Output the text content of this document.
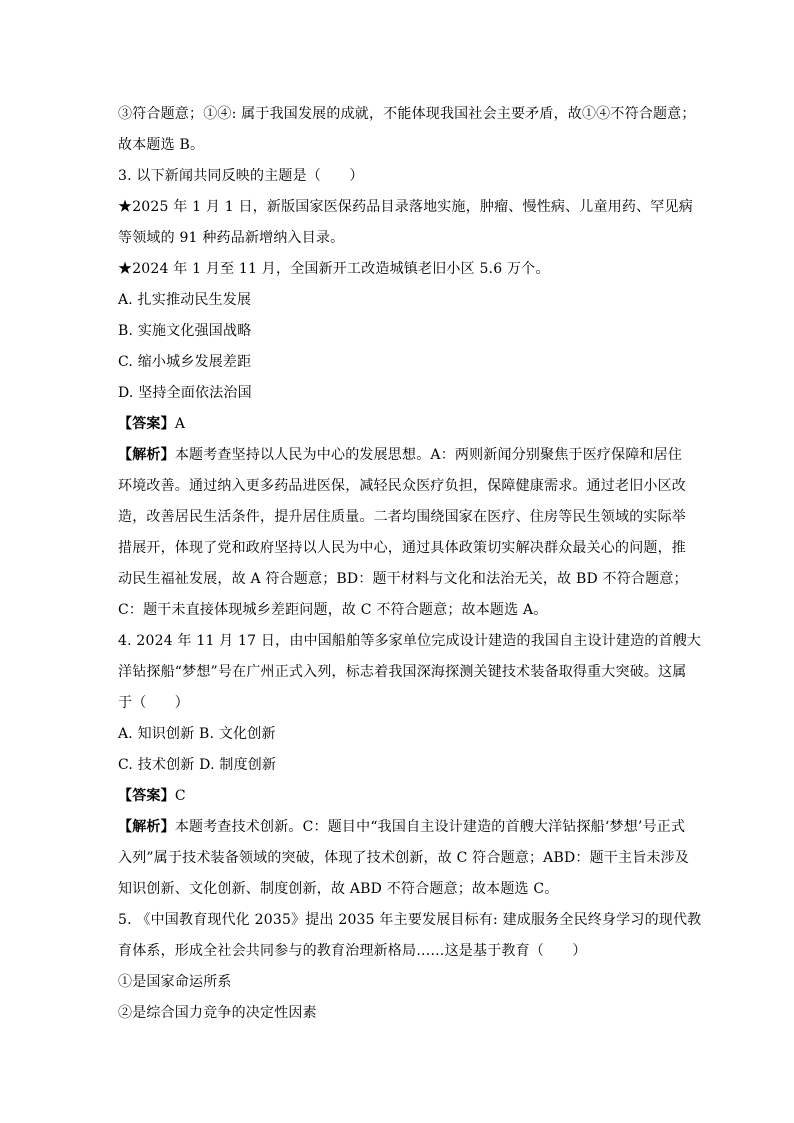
③符合题意；①④: 属于我国发展的成就，不能体现我国社会主要矛盾，故①④不符合题意；
故本题选 B。
3. 以下新闻共同反映的主题是（　　）
★2025 年 1 月 1 日，新版国家医保药品目录落地实施，肿瘤、慢性病、儿童用药、罕见病
等领域的 91 种药品新增纳入目录。
★2024 年 1 月至 11 月，全国新开工改造城镇老旧小区 5.6 万个。
A. 扎实推动民生发展
B. 实施文化强国战略
C. 缩小城乡发展差距
D. 坚持全面依法治国
【答案】A
【解析】本题考查坚持以人民为中心的发展思想。A：两则新闻分别聚焦于医疗保障和居住
环境改善。通过纳入更多药品进医保，减轻民众医疗负担，保障健康需求。通过老旧小区改
造，改善居民生活条件，提升居住质量。二者均围绕国家在医疗、住房等民生领域的实际举
措展开，体现了党和政府坚持以人民为中心，通过具体政策切实解决群众最关心的问题，推
动民生福祉发展，故 A 符合题意；BD：题干材料与文化和法治无关，故 BD 不符合题意；
C：题干未直接体现城乡差距问题，故 C 不符合题意；故本题选 A。
4. 2024 年 11 月 17 日，由中国船舶等多家单位完成设计建造的我国自主设计建造的首艘大
洋钻探船“梦想”号在广州正式入列，标志着我国深海探测关键技术装备取得重大突破。这属
于（　　）
A. 知识创新 B. 文化创新
C. 技术创新 D. 制度创新
【答案】C
【解析】本题考查技术创新。C：题目中“我国自主设计建造的首艘大洋钻探船‘梦想’号正式
入列”属于技术装备领域的突破，体现了技术创新，故 C 符合题意；ABD：题干主旨未涉及
知识创新、文化创新、制度创新，故 ABD 不符合题意；故本题选 C。
5. 《中国教育现代化 2035》提出 2035 年主要发展目标有: 建成服务全民终身学习的现代教
育体系，形成全社会共同参与的教育治理新格局……这是基于教育（　　）
①是国家命运所系
②是综合国力竞争的决定性因素
